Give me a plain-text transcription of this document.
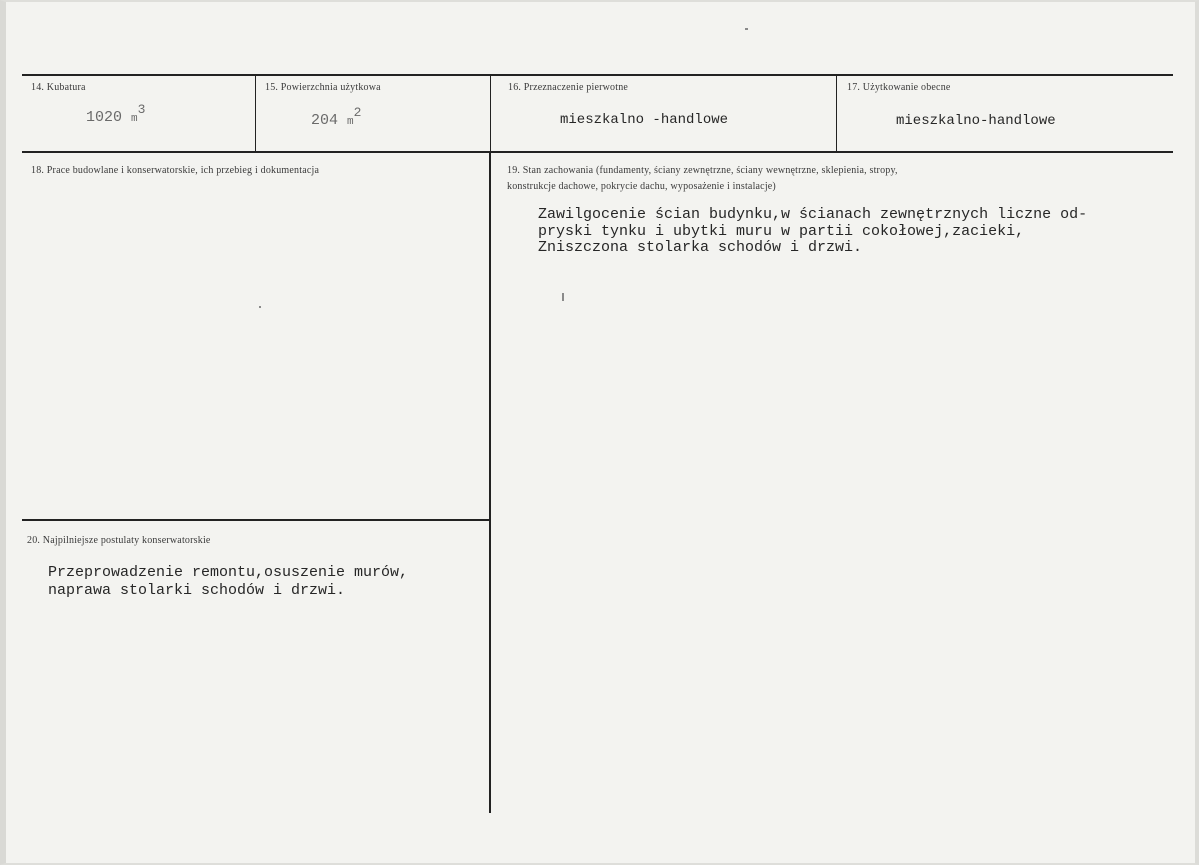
14. Kubatura
1020 m3
15. Powierzchnia użytkowa
204 m2
16. Przeznaczenie pierwotne
mieszkalno -handlowe
17. Użytkowanie obecne
mieszkalno-handlowe
18. Prace budowlane i konserwatorskie, ich przebieg i dokumentacja	19. Stan zachowania (fundamenty, ściany zewnętrzne, ściany wewnętrzne, sklepienia, stropy,
konstrukcje dachowe, pokrycie dachu, wyposażenie i instalacje)
Zawilgocenie ścian budynku,w ścianach zewnętrznych liczne od-
pryski tynku i ubytki muru w partii cokołowej,zacieki,
Zniszczona stolarka schodów i drzwi.
20. Najpilniejsze postulaty konserwatorskie
Przeprowadzenie remontu,osuszenie murów,
naprawa stolarki schodów i drzwi.
